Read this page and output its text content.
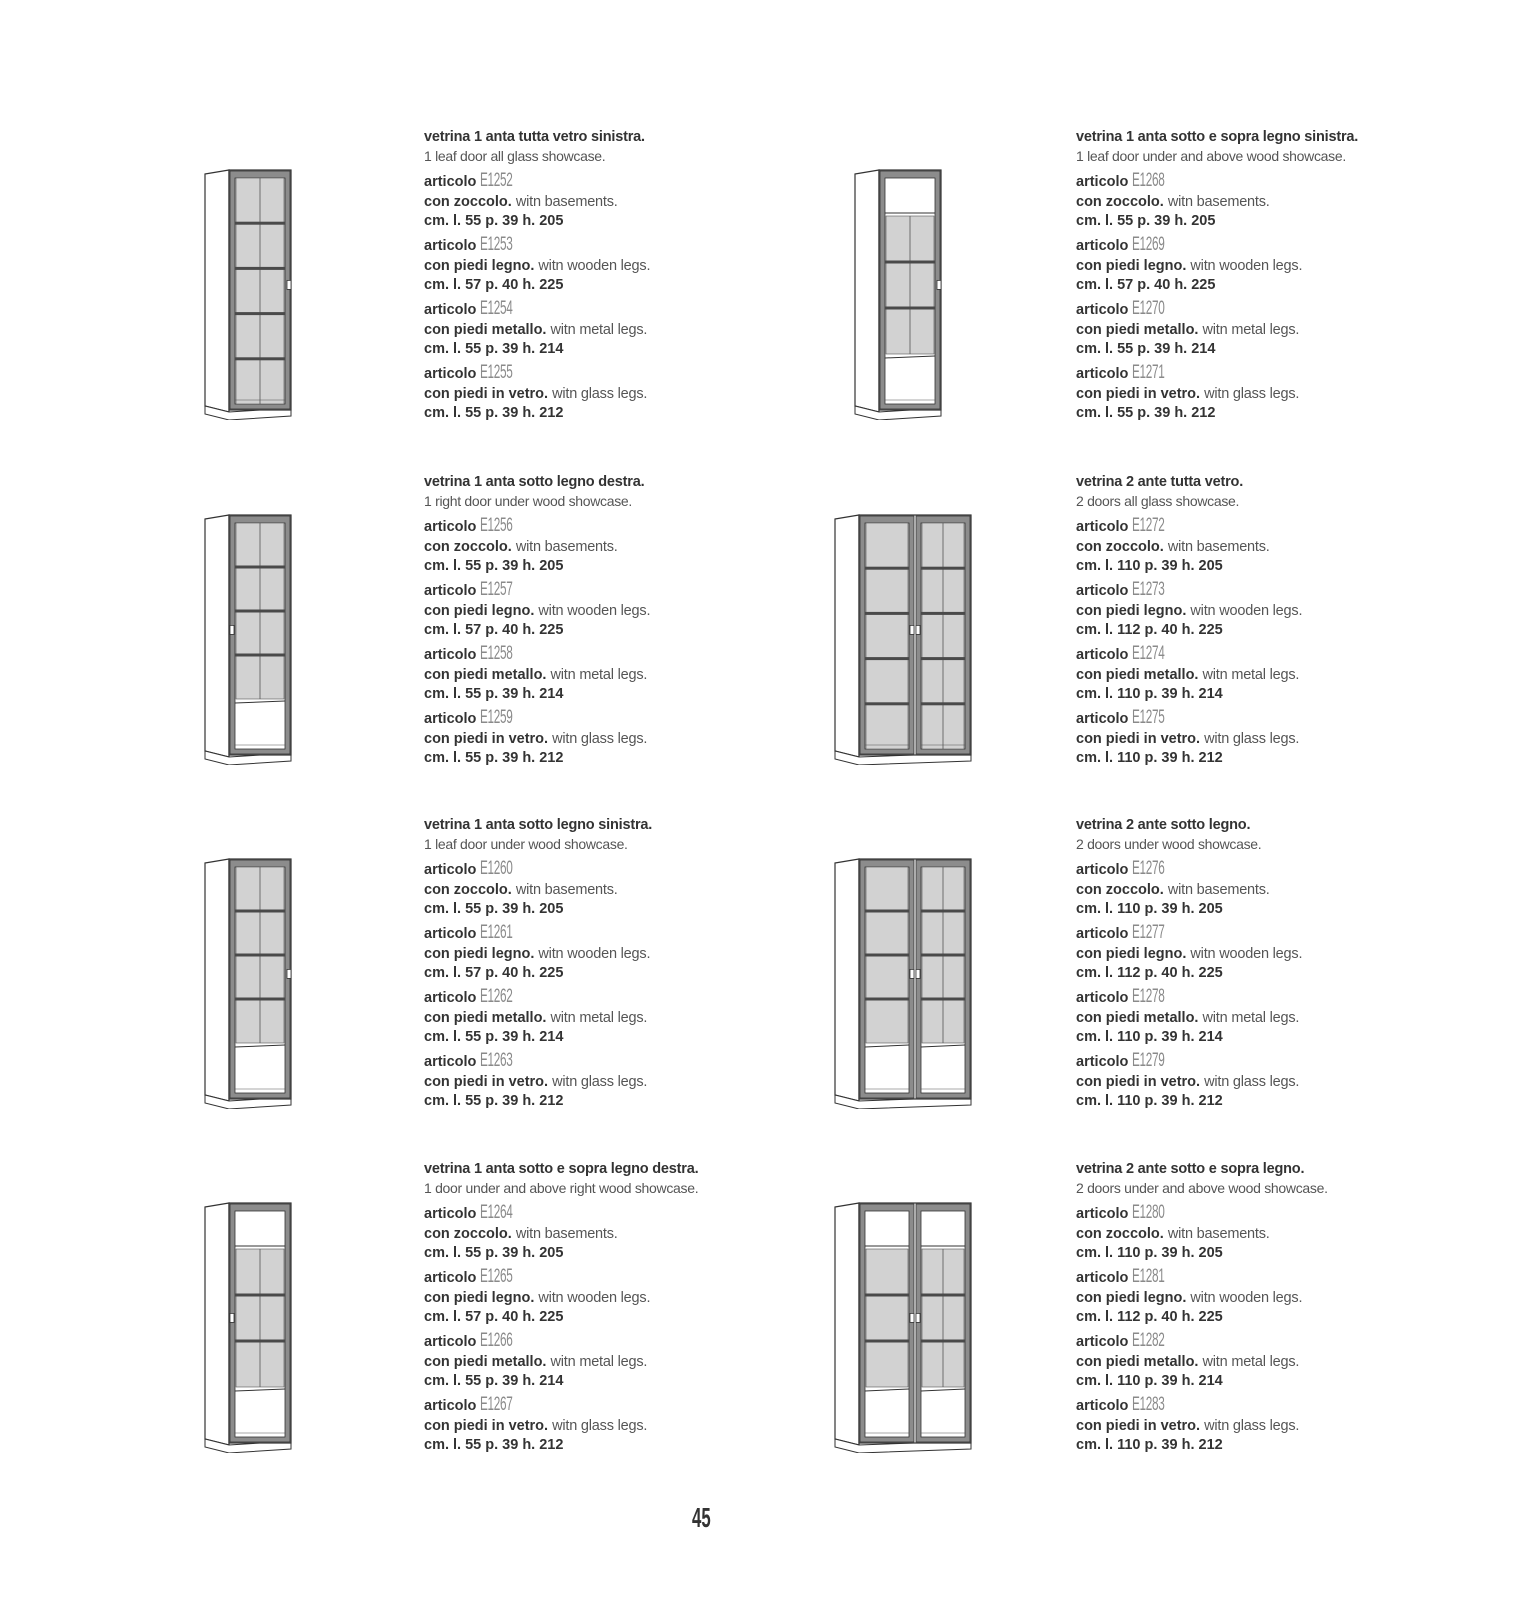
vetrina 1 anta tutta vetro sinistra.
1 leaf door all glass showcase.
articolo E1252
con zoccolo. witn basements.
cm. l. 55 p. 39 h. 205
articolo E1253
con piedi legno. witn wooden legs.
cm. l. 57 p. 40 h. 225
articolo E1254
con piedi metallo. witn metal legs.
cm. l. 55 p. 39 h. 214
articolo E1255
con piedi in vetro. witn glass legs.
cm. l. 55 p. 39 h. 212
vetrina 1 anta sotto legno destra.
1 right door under wood showcase.
articolo E1256
con zoccolo. witn basements.
cm. l. 55 p. 39 h. 205
articolo E1257
con piedi legno. witn wooden legs.
cm. l. 57 p. 40 h. 225
articolo E1258
con piedi metallo. witn metal legs.
cm. l. 55 p. 39 h. 214
articolo E1259
con piedi in vetro. witn glass legs.
cm. l. 55 p. 39 h. 212
vetrina 1 anta sotto legno sinistra.
1 leaf door under wood showcase.
articolo E1260
con zoccolo. witn basements.
cm. l. 55 p. 39 h. 205
articolo E1261
con piedi legno. witn wooden legs.
cm. l. 57 p. 40 h. 225
articolo E1262
con piedi metallo. witn metal legs.
cm. l. 55 p. 39 h. 214
articolo E1263
con piedi in vetro. witn glass legs.
cm. l. 55 p. 39 h. 212
vetrina 1 anta sotto e sopra legno destra.
1 door under and above right wood showcase.
articolo E1264
con zoccolo. witn basements.
cm. l. 55 p. 39 h. 205
articolo E1265
con piedi legno. witn wooden legs.
cm. l. 57 p. 40 h. 225
articolo E1266
con piedi metallo. witn metal legs.
cm. l. 55 p. 39 h. 214
articolo E1267
con piedi in vetro. witn glass legs.
cm. l. 55 p. 39 h. 212
vetrina 1 anta sotto e sopra legno sinistra.
1 leaf door under and above wood showcase.
articolo E1268
con zoccolo. witn basements.
cm. l. 55 p. 39 h. 205
articolo E1269
con piedi legno. witn wooden legs.
cm. l. 57 p. 40 h. 225
articolo E1270
con piedi metallo. witn metal legs.
cm. l. 55 p. 39 h. 214
articolo E1271
con piedi in vetro. witn glass legs.
cm. l. 55 p. 39 h. 212
vetrina 2 ante tutta vetro.
2 doors all glass showcase.
articolo E1272
con zoccolo. witn basements.
cm. l. 110 p. 39 h. 205
articolo E1273
con piedi legno. witn wooden legs.
cm. l. 112 p. 40 h. 225
articolo E1274
con piedi metallo. witn metal legs.
cm. l. 110 p. 39 h. 214
articolo E1275
con piedi in vetro. witn glass legs.
cm. l. 110 p. 39 h. 212
vetrina 2 ante sotto legno.
2 doors under wood showcase.
articolo E1276
con zoccolo. witn basements.
cm. l. 110 p. 39 h. 205
articolo E1277
con piedi legno. witn wooden legs.
cm. l. 112 p. 40 h. 225
articolo E1278
con piedi metallo. witn metal legs.
cm. l. 110 p. 39 h. 214
articolo E1279
con piedi in vetro. witn glass legs.
cm. l. 110 p. 39 h. 212
vetrina 2 ante sotto e sopra legno.
2 doors under and above wood showcase.
articolo E1280
con zoccolo. witn basements.
cm. l. 110 p. 39 h. 205
articolo E1281
con piedi legno. witn wooden legs.
cm. l. 112 p. 40 h. 225
articolo E1282
con piedi metallo. witn metal legs.
cm. l. 110 p. 39 h. 214
articolo E1283
con piedi in vetro. witn glass legs.
cm. l. 110 p. 39 h. 212
45
